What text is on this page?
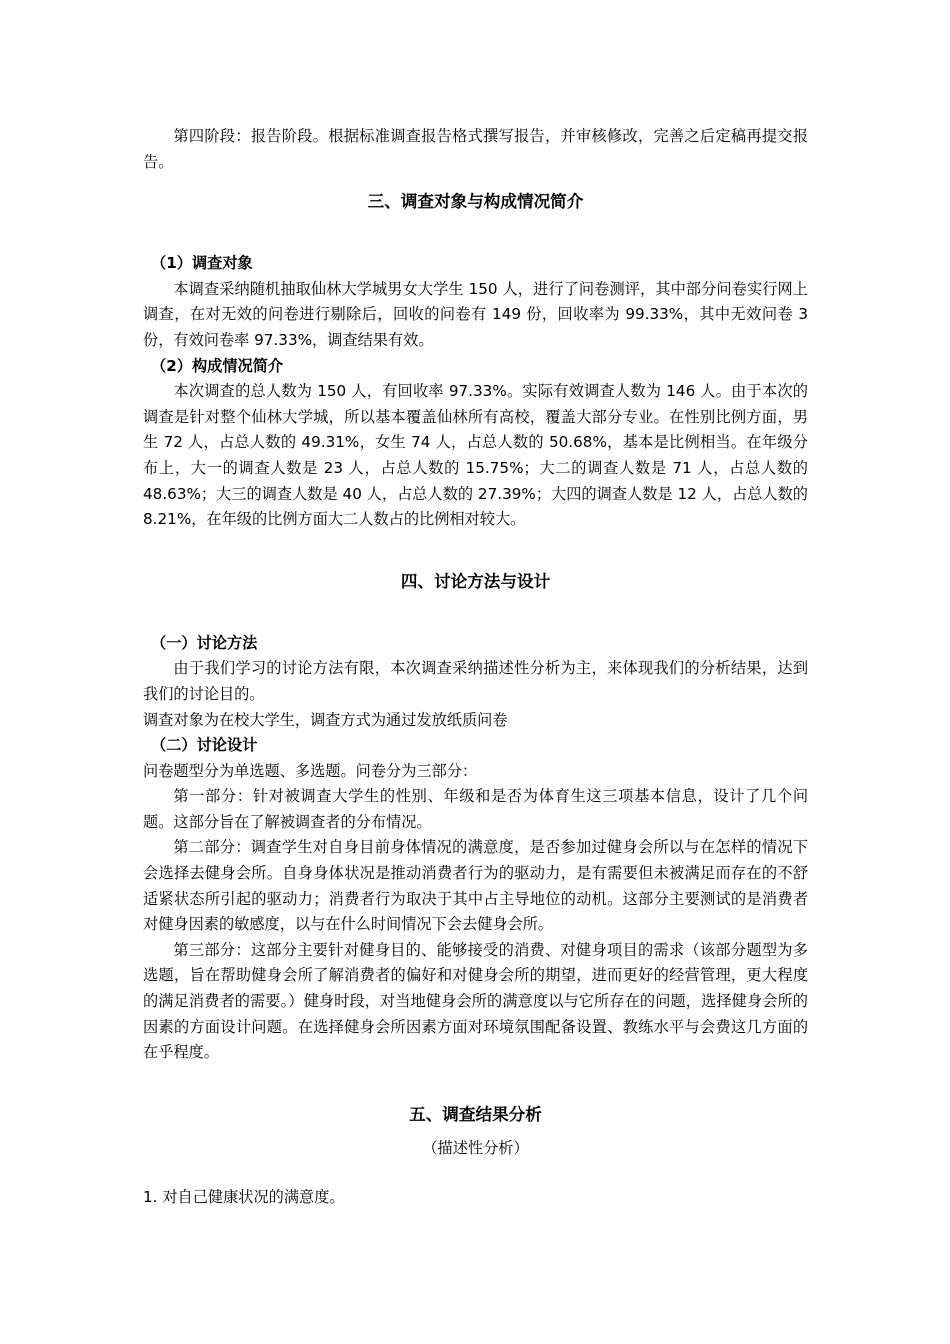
第四阶段：报告阶段。根据标准调查报告格式撰写报告，并审核修改，完善之后定稿再提交报告。

三、调查对象与构成情况简介
（1）调查对象

本调查采纳随机抽取仙林大学城男女大学生 150 人，进行了问卷测评，其中部分问卷实行网上调查，在对无效的问卷进行剔除后，回收的问卷有 149 份，回收率为 99.33%，其中无效问卷 3 份，有效问卷率 97.33%，调查结果有效。

（2）构成情况简介

本次调查的总人数为 150 人，有回收率 97.33%。实际有效调查人数为 146 人。由于本次的调查是针对整个仙林大学城，所以基本覆盖仙林所有高校，覆盖大部分专业。在性别比例方面，男生 72 人，占总人数的 49.31%，女生 74 人，占总人数的 50.68%，基本是比例相当。在年级分布上，大一的调查人数是 23 人，占总人数的 15.75%；大二的调查人数是 71 人，占总人数的 48.63%；大三的调查人数是 40 人，占总人数的 27.39%；大四的调查人数是 12 人，占总人数的 8.21%，在年级的比例方面大二人数占的比例相对较大。

四、讨论方法与设计
（一）讨论方法

由于我们学习的讨论方法有限，本次调查采纳描述性分析为主，来体现我们的分析结果，达到我们的讨论目的。

调查对象为在校大学生，调查方式为通过发放纸质问卷

（二）讨论设计

问卷题型分为单选题、多选题。问卷分为三部分：

第一部分：针对被调查大学生的性别、年级和是否为体育生这三项基本信息，设计了几个问题。这部分旨在了解被调查者的分布情况。

第二部分：调查学生对自身目前身体情况的满意度，是否参加过健身会所以与在怎样的情况下会选择去健身会所。自身身体状况是推动消费者行为的驱动力，是有需要但未被满足而存在的不舒适紧状态所引起的驱动力；消费者行为取决于其中占主导地位的动机。这部分主要测试的是消费者对健身因素的敏感度，以与在什么时间情况下会去健身会所。

第三部分：这部分主要针对健身目的、能够接受的消费、对健身项目的需求（该部分题型为多选题，旨在帮助健身会所了解消费者的偏好和对健身会所的期望，进而更好的经营管理，更大程度的满足消费者的需要。）健身时段，对当地健身会所的满意度以与它所存在的问题，选择健身会所的因素的方面设计问题。在选择健身会所因素方面对环境氛围配备设置、教练水平与会费这几方面的在乎程度。

五、调查结果分析

（描述性分析）

1. 对自己健康状况的满意度。
